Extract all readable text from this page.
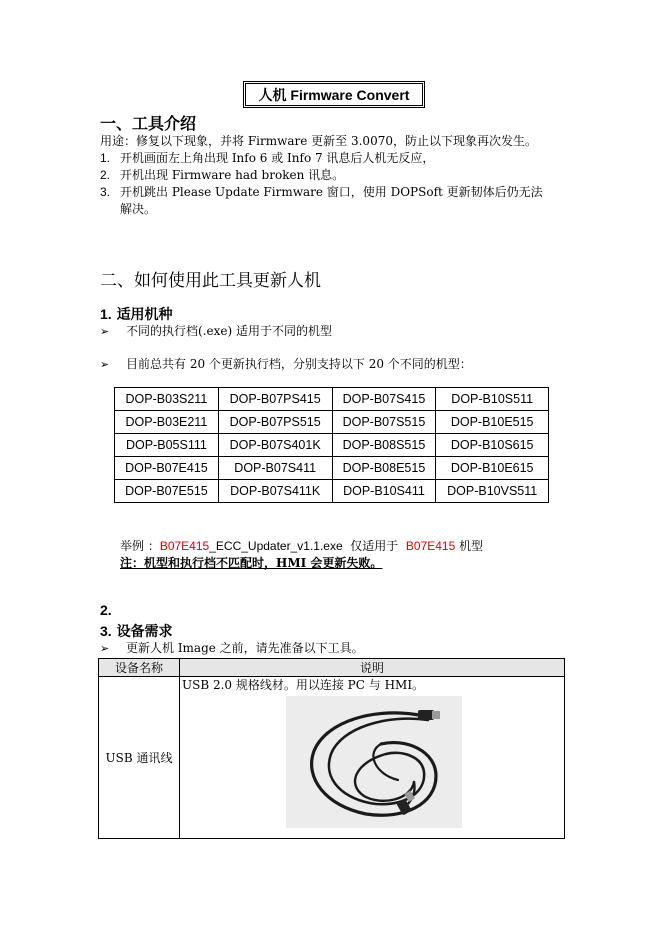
人机 Firmware Convert
一、工具介绍
用途：修复以下现象，并将 Firmware 更新至 3.0070，防止以下现象再次发生。
1. 开机画面左上角出现 Info 6 或 Info 7 讯息后人机无反应，
2. 开机出现 Firmware had broken 讯息。
3. 开机跳出 Please Update Firmware 窗口，使用 DOPSoft 更新韧体后仍无法
解决。
二、如何使用此工具更新人机
1. 适用机种
➢ 不同的执行档(.exe) 适用于不同的机型
➢ 目前总共有 20 个更新执行档，分别支持以下 20 个不同的机型：
DOP-B03S211	DOP-B07PS415	DOP-B07S415	DOP-B10S511
DOP-B03E211	DOP-B07PS515	DOP-B07S515	DOP-B10E515
DOP-B05S111	DOP-B07S401K	DOP-B08S515	DOP-B10S615
DOP-B07E415	DOP-B07S411	DOP-B08E515	DOP-B10E615
DOP-B07E515	DOP-B07S411K	DOP-B10S411	DOP-B10VS511
举例 ：B07E415_ECC_Updater_v1.1.exe  仅适用于  B07E415 机型
注：机型和执行档不匹配时，HMI 会更新失败。
2.
3. 设备需求
➢ 更新人机 Image 之前，请先准备以下工具。
设备名称	说明
USB 通讯线	USB 2.0 规格线材。用以连接 PC 与 HMI。
